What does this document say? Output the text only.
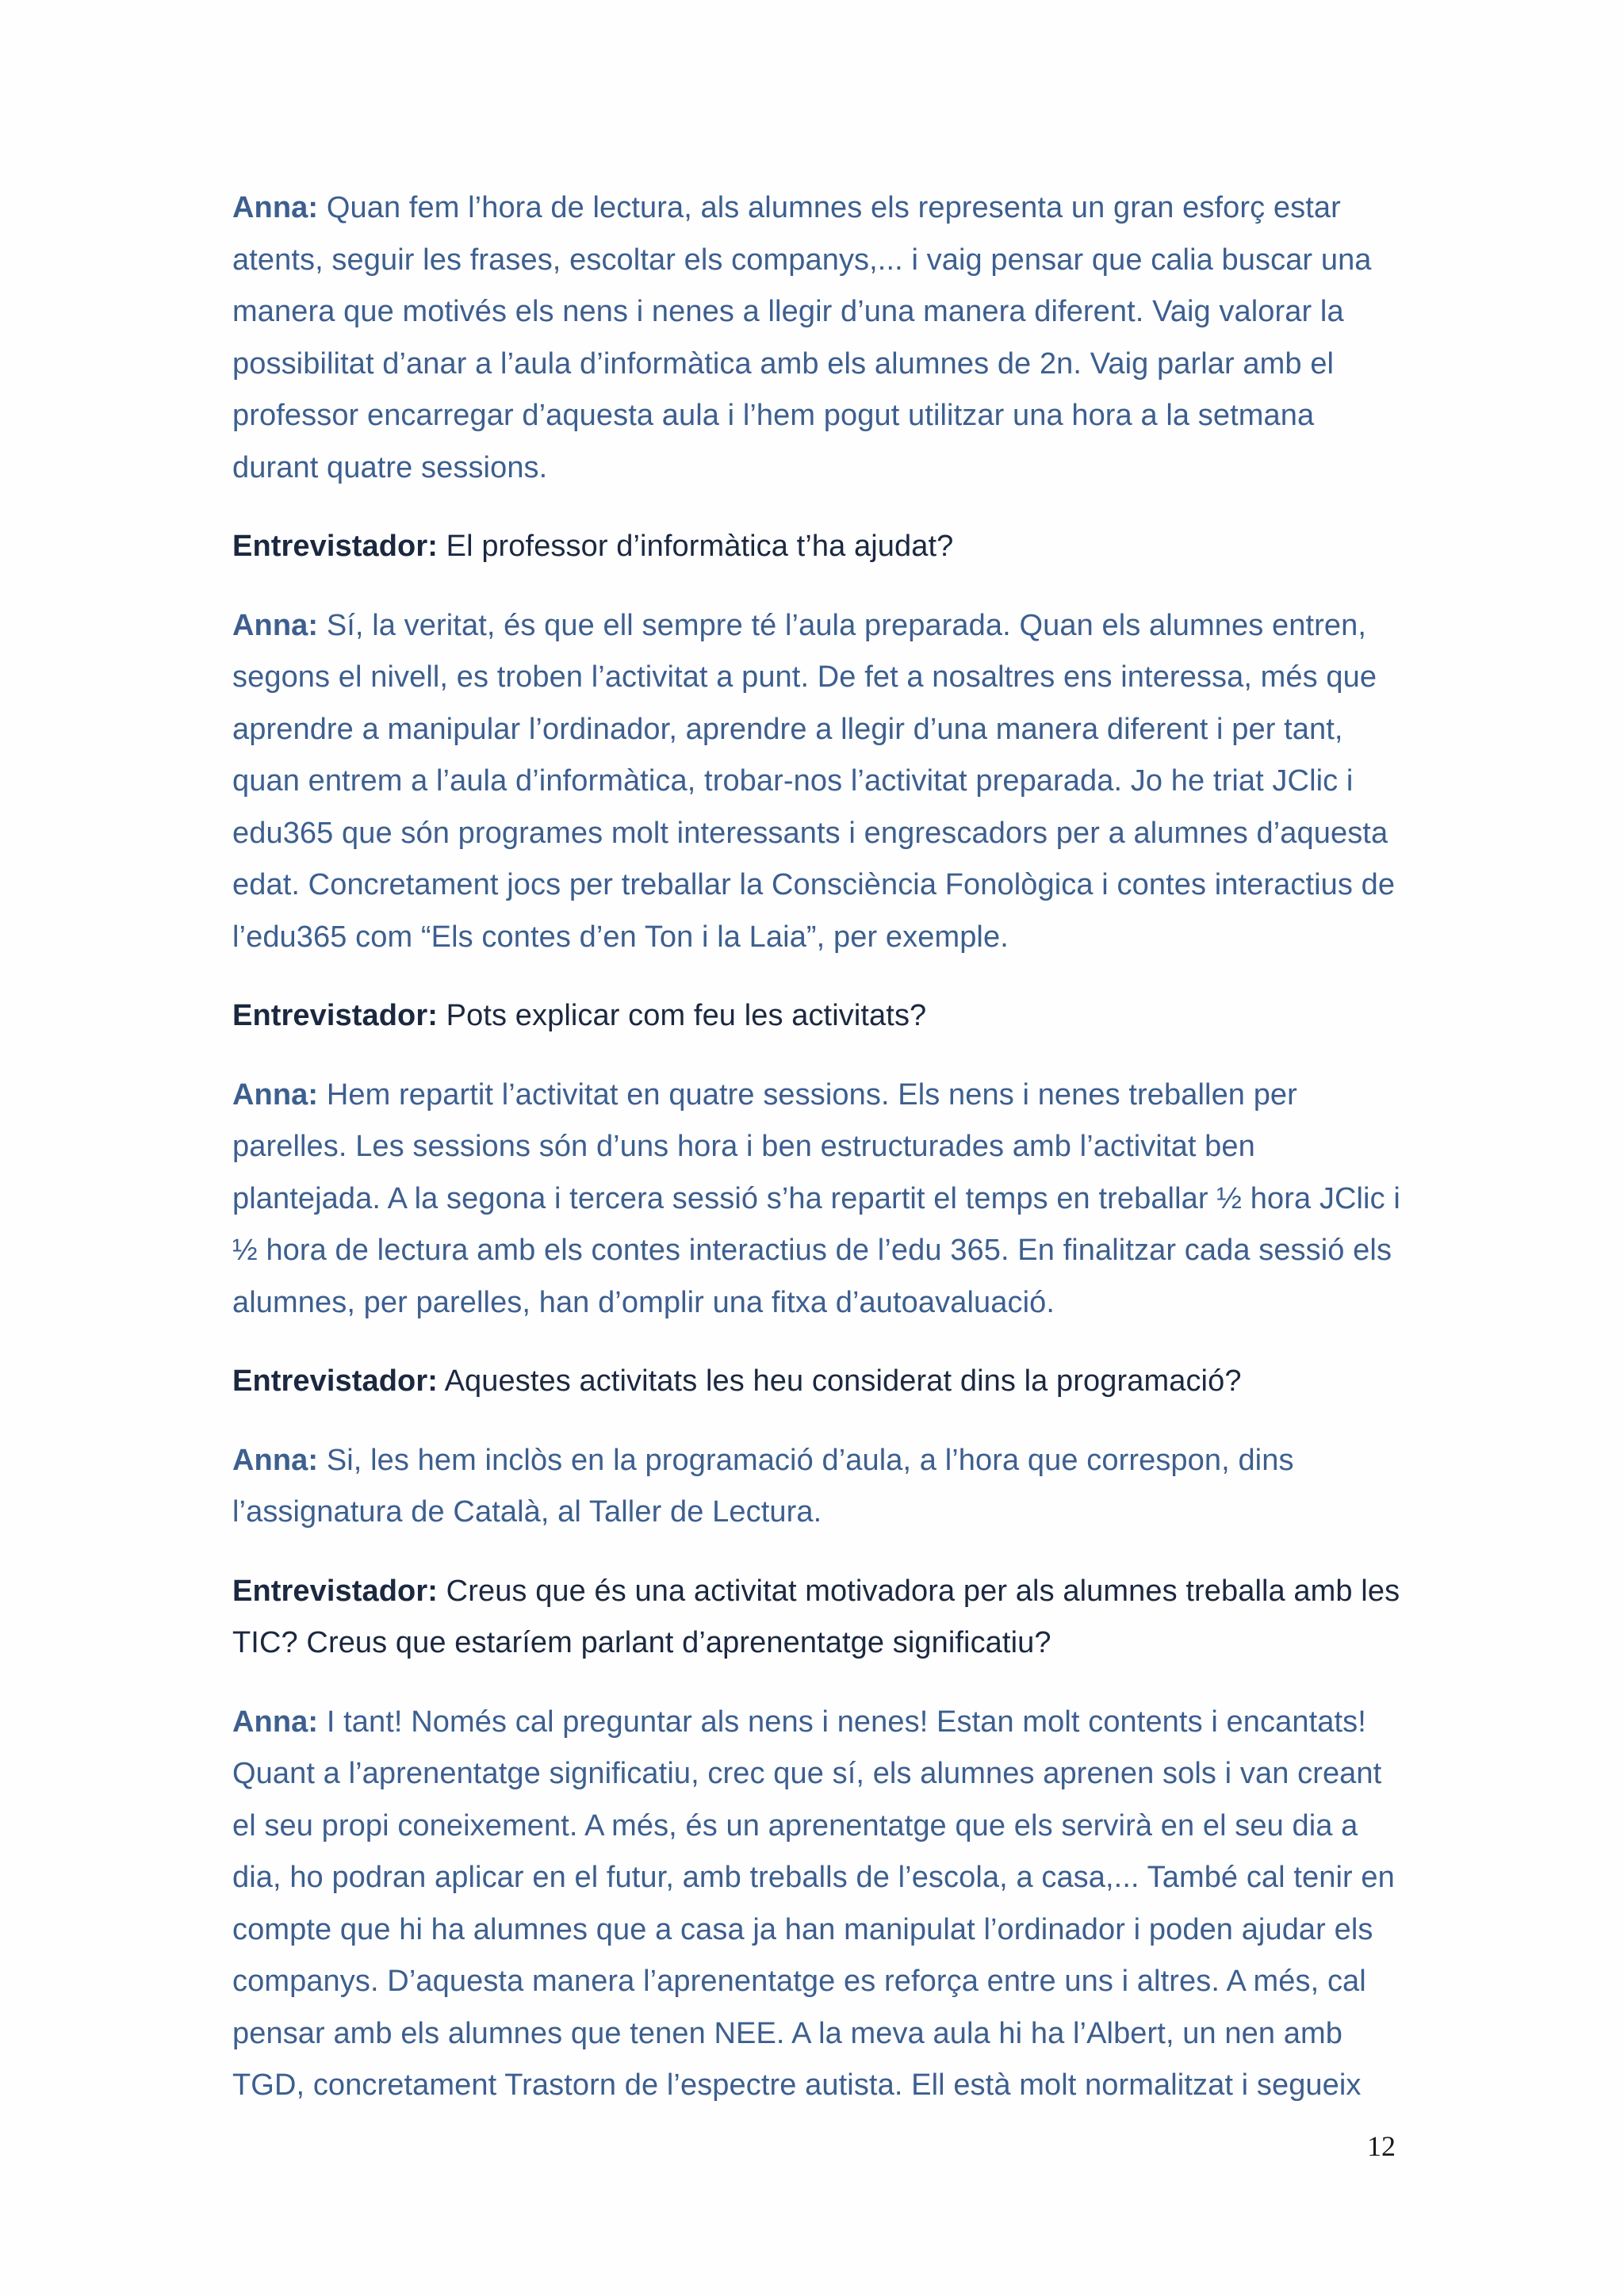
Anna: Quan fem l’hora de lectura, als alumnes els representa un gran esforç estar
atents, seguir les frases, escoltar els companys,... i vaig pensar que calia buscar una
manera que motivés els nens i nenes a llegir d’una manera diferent. Vaig valorar la
possibilitat d’anar a l’aula d’informàtica amb els alumnes de 2n. Vaig parlar amb el
professor encarregar d’aquesta aula i l’hem pogut utilitzar una hora a la setmana
durant quatre sessions.
Entrevistador: El professor d’informàtica t’ha ajudat?
Anna: Sí, la veritat, és que ell sempre té l’aula preparada. Quan els alumnes entren,
segons el nivell, es troben l’activitat a punt. De fet a nosaltres ens interessa, més que
aprendre a manipular l’ordinador, aprendre a llegir d’una manera diferent i per tant,
quan entrem a l’aula d’informàtica, trobar-nos l’activitat preparada. Jo he triat JClic i
edu365 que són programes molt interessants i engrescadors per a alumnes d’aquesta
edat. Concretament jocs per treballar la Consciència Fonològica i contes interactius de
l’edu365 com “Els contes d’en Ton i la Laia”, per exemple.
Entrevistador: Pots explicar com feu les activitats?
Anna: Hem repartit l’activitat en quatre sessions. Els nens i nenes treballen per
parelles. Les sessions són d’uns hora i ben estructurades amb l’activitat ben
plantejada. A la segona i tercera sessió s’ha repartit el temps en treballar ½ hora JClic i
½ hora de lectura amb els contes interactius de l’edu 365. En finalitzar cada sessió els
alumnes, per parelles, han d’omplir una fitxa d’autoavaluació.
Entrevistador: Aquestes activitats les heu considerat dins la programació?
Anna: Si, les hem inclòs en la programació d’aula, a l’hora que correspon, dins
l’assignatura de Català, al Taller de Lectura.
Entrevistador: Creus que és una activitat motivadora per als alumnes treballa amb les
TIC? Creus que estaríem parlant d’aprenentatge significatiu?
Anna: I tant! Només cal preguntar als nens i nenes! Estan molt contents i encantats!
Quant a l’aprenentatge significatiu, crec que sí, els alumnes aprenen sols i van creant
el seu propi coneixement. A més, és un aprenentatge que els servirà en el seu dia a
dia, ho podran aplicar en el futur, amb treballs de l’escola, a casa,... També cal tenir en
compte que hi ha alumnes que a casa ja han manipulat l’ordinador i poden ajudar els
companys. D’aquesta manera l’aprenentatge es reforça entre uns i altres. A més, cal
pensar amb els alumnes que tenen NEE. A la meva aula hi ha l’Albert, un nen amb
TGD, concretament Trastorn de l’espectre autista. Ell està molt normalitzat i segueix
12
